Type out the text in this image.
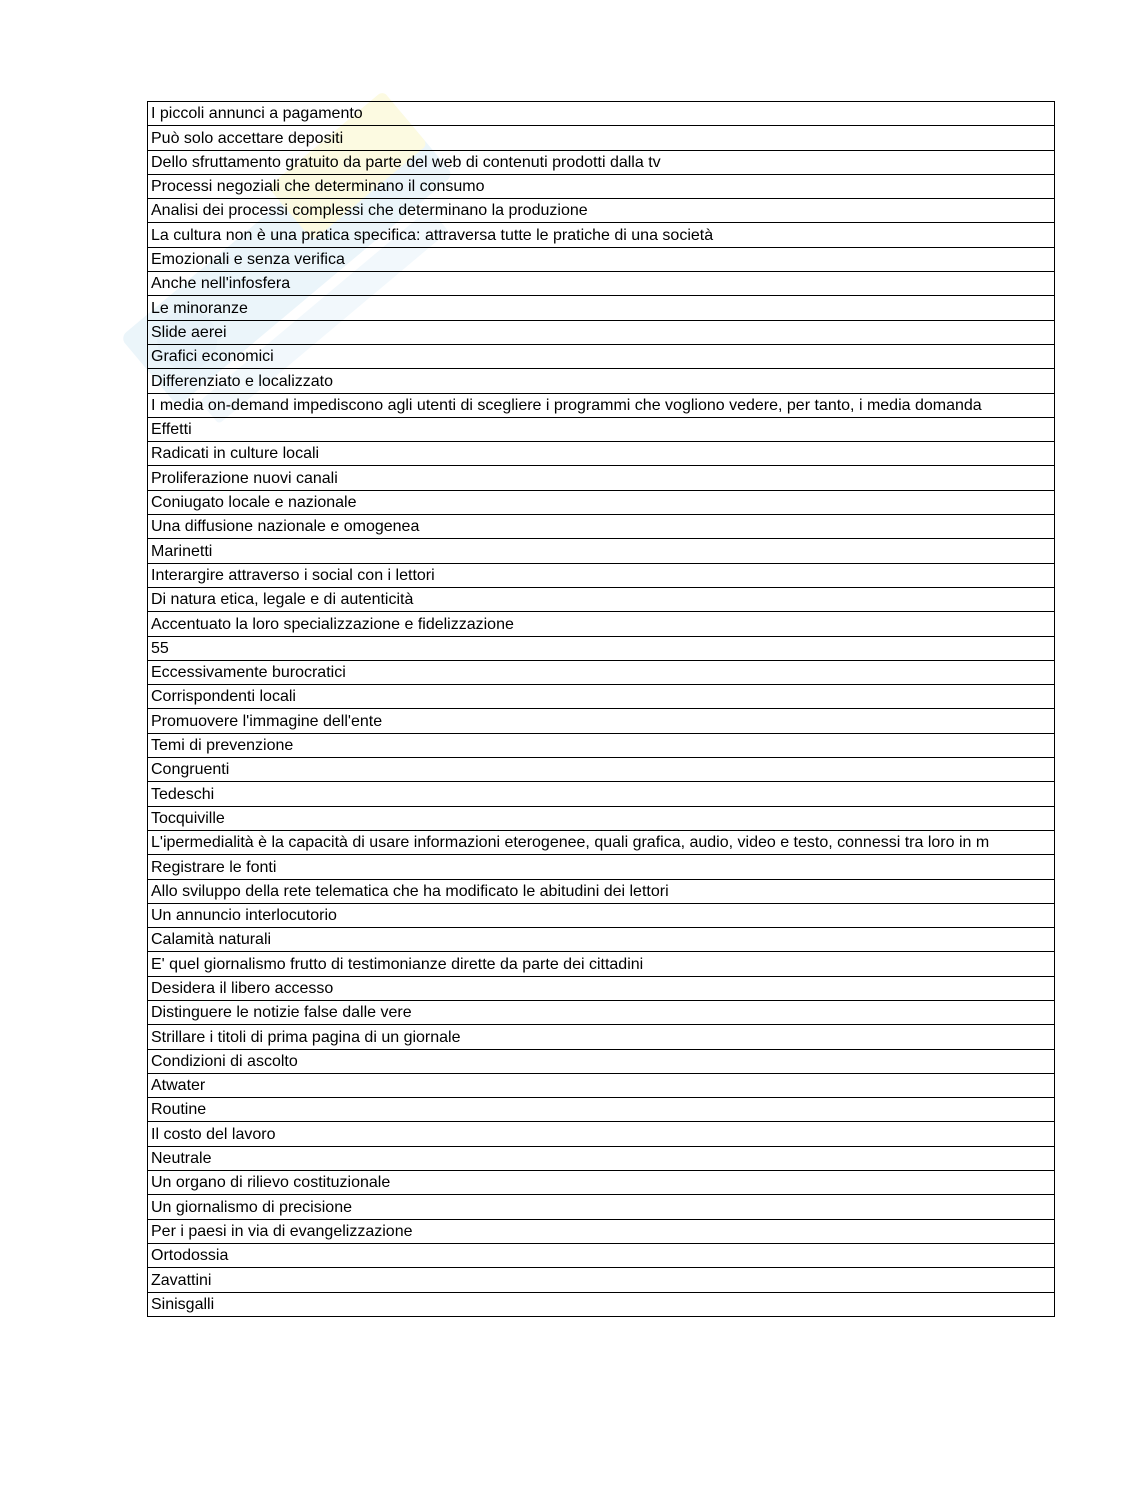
I piccoli annunci a pagamento
Può solo accettare depositi
Dello sfruttamento gratuito da parte del web di contenuti prodotti dalla tv
Processi negoziali che determinano il consumo
Analisi dei processi complessi che determinano la produzione
La cultura non è una pratica specifica: attraversa tutte le pratiche di una società
Emozionali e senza verifica
Anche nell'infosfera
Le minoranze
Slide aerei
Grafici economici
Differenziato e localizzato
I media on-demand impediscono agli utenti di scegliere i programmi che vogliono vedere, per tanto, i media domanda
Effetti
Radicati in culture locali
Proliferazione nuovi canali
Coniugato locale e nazionale
Una diffusione nazionale e omogenea
Marinetti
Interargire attraverso i social con i lettori
Di natura etica, legale e di autenticità
Accentuato la loro specializzazione e fidelizzazione
55
Eccessivamente burocratici
Corrispondenti locali
Promuovere l'immagine dell'ente
Temi di prevenzione
Congruenti
Tedeschi
Tocquiville
L'ipermedialità è la capacità di usare informazioni eterogenee, quali grafica, audio, video e testo, connessi tra loro in m
Registrare le fonti
Allo sviluppo della rete telematica che ha modificato le abitudini dei lettori
Un annuncio interlocutorio
Calamità naturali
E' quel giornalismo frutto di testimonianze dirette da parte dei cittadini
Desidera il libero accesso
Distinguere le notizie false dalle vere
Strillare i titoli di prima pagina di un giornale
Condizioni di ascolto
Atwater
Routine
Il costo del lavoro
Neutrale
Un organo di rilievo costituzionale
Un giornalismo di precisione
Per i paesi in via di evangelizzazione
Ortodossia
Zavattini
Sinisgalli
